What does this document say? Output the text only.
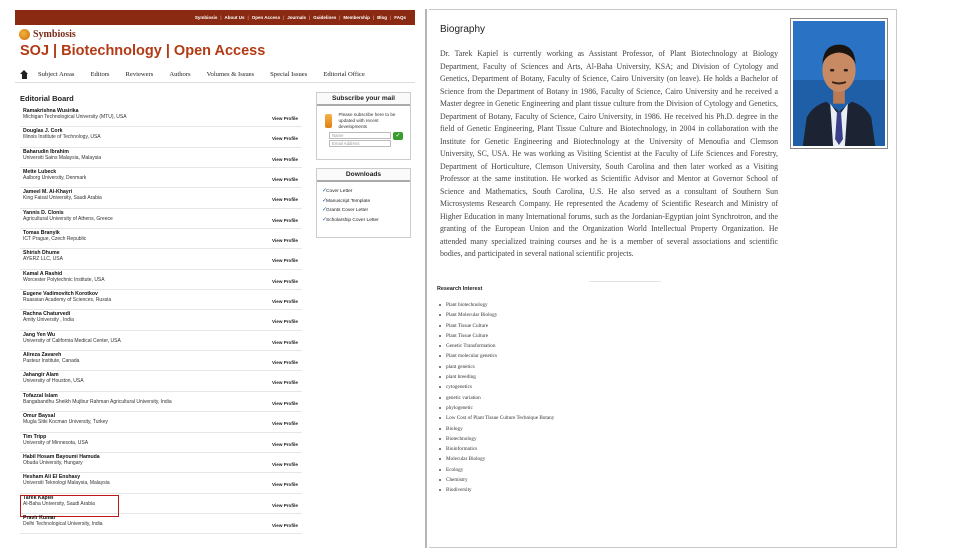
Symbiosis | About Us | Open Access | Journals | Guidelines | Membership | Blog | FAQs
Symbiosis
SOJ | Biotechnology | Open Access
Subject Areas Editors Reviewers Authors Volumes & Issues Special Issues Editorial Office
Editorial Board
Ramakrishna Wusirika
Michigan Technological University (MTU), USA	View Profile
Douglas J. Cork
Illinois Institute of Technology, USA	View Profile
Baharudin Ibrahim
Universiti Sains Malaysia, Malaysia	View Profile
Mette Lubeck
Aalborg University, Denmark	View Profile
Jameel M. Al-Khayri
King Faisal University, Saudi Arabia	View Profile
Yannis D. Clonis
Agricultural University of Athens, Greece	View Profile
Tomas Branyik
ICT Prague, Czech Republic	View Profile
Shirish Dhume
AYERZ LLC, USA	View Profile
Kamal A Rashid
Worcester Polytechnic Institute, USA	View Profile
Eugene Vadimovitch Korotkov
Ruassian Academy of Sciences, Russia	View Profile
Rachna Chaturvedi
Amity University , India	View Profile
Jang Yen Wu
University of California Medical Center, USA	View Profile
Alireza Zavareh
Pasteur Institute, Canada	View Profile
Jahangir Alam
University of Houston, USA	View Profile
Tofazzal Islam
Bangabandhu Sheikh Mujibur Rahman Agricultural University, India	View Profile
Omur Baysal
Mugla Sitki Kocman University, Turkey	View Profile
Tim Tripp
University of Minnesota, USA	View Profile
Habil Hosam Bayoumi Hamuda
Obuda University, Hungary	View Profile
Hesham Ali El Enshasy
Universiti Teknologi Malaysia, Malaysia	View Profile
Tarek Kapiel
Al-Baha University, Saudi Arabia	View Profile
Pravir Kumar
Delhi Technological University, India	View Profile
Subscribe your mail
Please subscribe here to be updated with recent developments
Name
Email Address
✓
Downloads
✓
Cover Letter
✓
Manuscript Template
✓
Grants Cover Letter
✓
Scholarship Cover Letter
Biography
Dr. Tarek Kapiel is currently working as Assistant Professor, of Plant Biotechnology at Biology Department, Faculty of Sciences and Arts, Al-Baha University, KSA; and Division of Cytology and Genetics, Department of Botany, Faculty of Science, Cairo University (on leave). He holds a Bachelor of Science from the Department of Botany in 1986, Faculty of Science, Cairo University and he received a Master degree in Genetic Engineering and plant tissue culture from the Division of Cytology and Genetics, Department of Botany, Faculty of Science, Cairo University, in 1986. He received his Ph.D. degree in the field of Genetic Engineering, Plant Tissue Culture and Biotechnology, in 2004 in collaboration with the Institute for Genetic Engineering and Biotechnology at the University of Menoufia and Clemson University, SC, USA. He was working as Visiting Scientist at the Faculty of Life Sciences and Forestry, Department of Horticulture, Clemson University, South Carolina and then later worked as a Visiting Professor at the same institution. He worked as Scientific Advisor and Mentor at Governor School of Science and Mathematics, South Carolina, U.S. He also served as a consultant of Southern Sun Microsystems Research Company. He represented the Academy of Scientific Research and Ministry of Higher Education in many International forums, such as the Jordanian-Egyptian joint Synchrotron, and the granting of the European Union and the Organization World Intellectual Property Organization. He attended many specialized training courses and he is a member of several associations and scientific bodies, and participated in several national scientific projects.
Research Interest
Plant biotechnology
Plant Molecular Biology
Plant Tissue Culture
Plant Tissue Culture
Genetic Transformation
Plant molecular genetics
plant genetics
plant breeding
cytogenetics
genetic variation
phylogenetic
Low Cost of Plant Tissue Culture Technique Botany
Biology
Biotechnology
Bioinformatics
Molecular Biology
Ecology
Chemistry
Biodiversity
